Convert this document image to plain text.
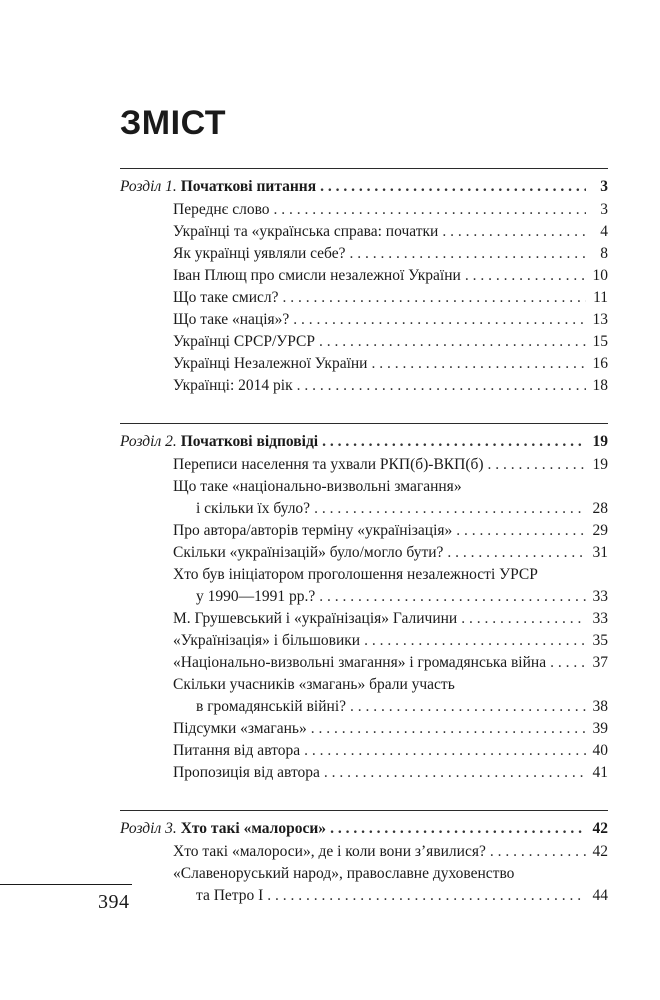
ЗМІСТ
Розділ 1. Початкові питання . . .	3
Переднє слово . . .	3
Українці та «українська справа: початки . . .	4
Як українці уявляли себе? . . .	8
Іван Плющ про смисли незалежної України . . .	10
Що таке смисл? . . .	11
Що таке «нація»? . . .	13
Українці СРСР/УРСР . . .	15
Українці Незалежної України . . .	16
Українці: 2014 рік . . .	18
Розділ 2. Початкові відповіді . . .	19
Переписи населення та ухвали РКП(б)-ВКП(б) . . .	19
Що таке «національно-визвольні змагання»
і скільки їх було? . . .	28
Про автора/авторів терміну «українізація» . . .	29
Скільки «українізацій» було/могло бути? . . .	31
Хто був ініціатором проголошення незалежності УРСР
у 1990—1991 рр.? . . .	33
М. Грушевський і «українізація» Галичини . . .	33
«Українізація» і більшовики . . .	35
«Національно-визвольні змагання» і громадянська війна . . .	37
Скільки учасників «змагань» брали участь
в громадянській війні? . . .	38
Підсумки «змагань» . . .	39
Питання від автора . . .	40
Пропозиція від автора . . .	41
Розділ 3. Хто такі «малороси» . . .	42
Хто такі «малороси», де і коли вони з’явилися? . . .	42
«Славеноруський народ», православне духовенство
та Петро І . . .	44
394
